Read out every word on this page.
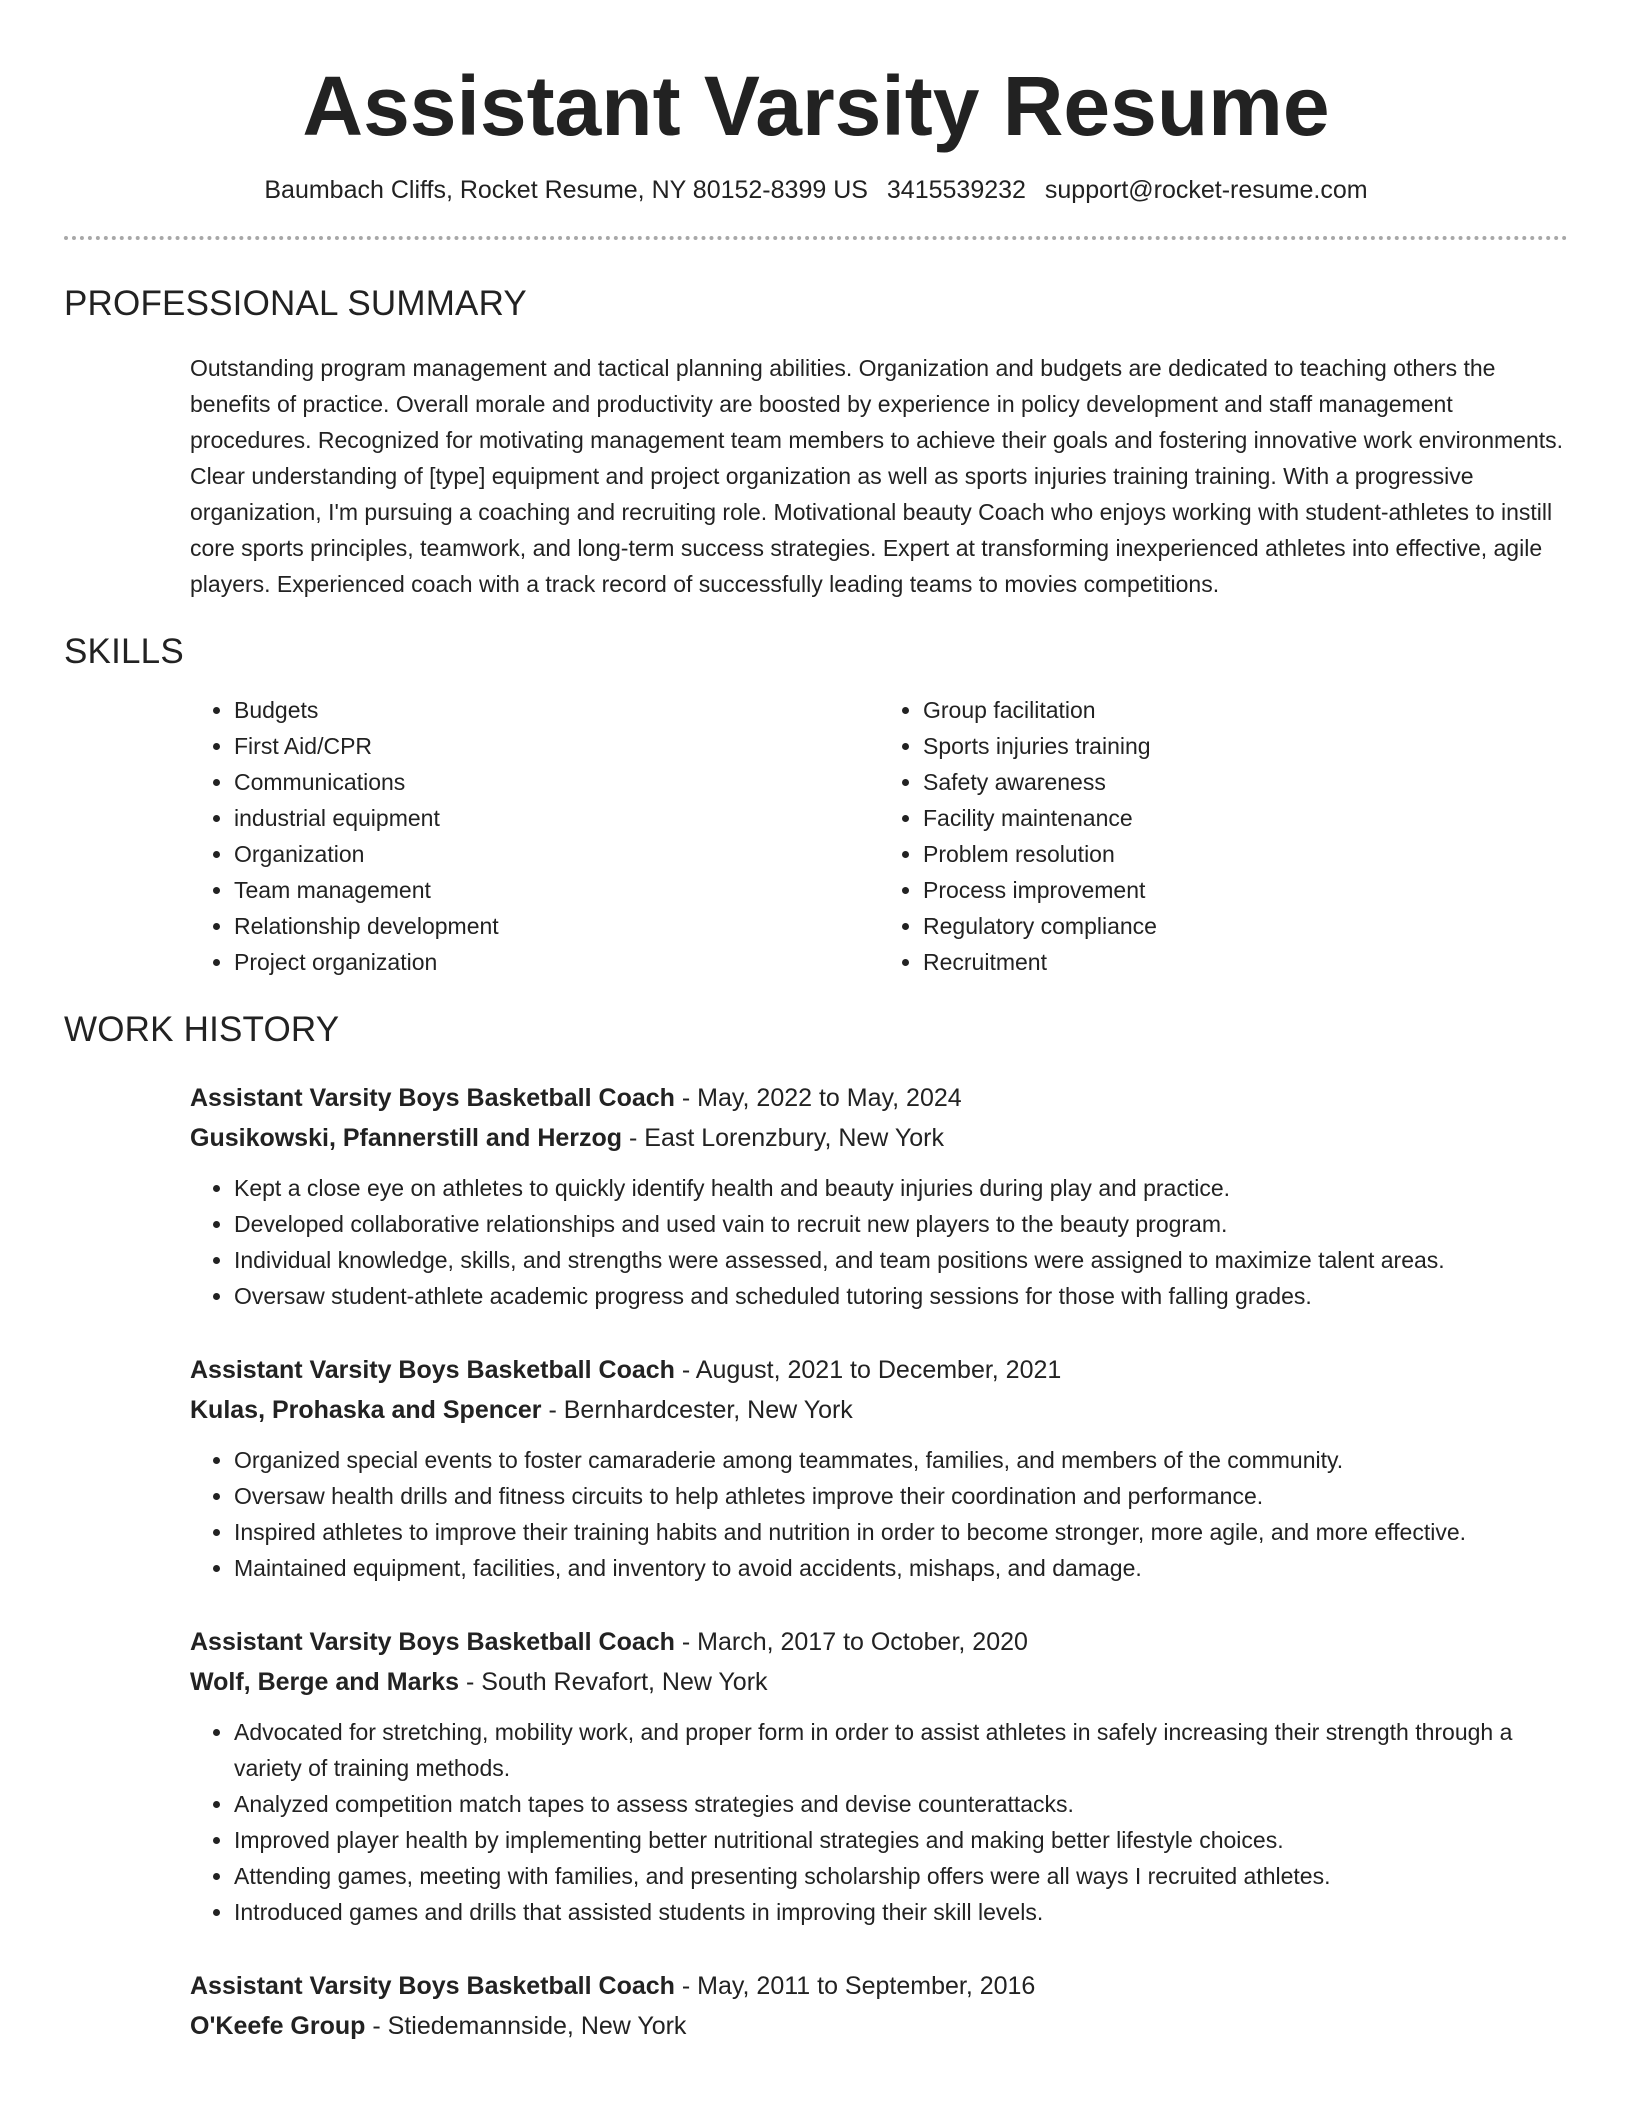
Assistant Varsity Resume
Baumbach Cliffs, Rocket Resume, NY 80152-8399 US 3415539232 support@rocket-resume.com
PROFESSIONAL SUMMARY

Outstanding program management and tactical planning abilities. Organization and budgets are dedicated to teaching others the benefits of practice. Overall morale and productivity are boosted by experience in policy development and staff management procedures. Recognized for motivating management team members to achieve their goals and fostering innovative work environments. Clear understanding of [type] equipment and project organization as well as sports injuries training training. With a progressive organization, I'm pursuing a coaching and recruiting role. Motivational beauty Coach who enjoys working with student-athletes to instill core sports principles, teamwork, and long-term success strategies. Expert at transforming inexperienced athletes into effective, agile players. Experienced coach with a track record of successfully leading teams to movies competitions.

SKILLS
• Budgets
• First Aid/CPR
• Communications
• industrial equipment
• Organization
• Team management
• Relationship development
• Project organization
• Group facilitation
• Sports injuries training
• Safety awareness
• Facility maintenance
• Problem resolution
• Process improvement
• Regulatory compliance
• Recruitment
WORK HISTORY
Assistant Varsity Boys Basketball Coach - May, 2022 to May, 2024
Gusikowski, Pfannerstill and Herzog - East Lorenzbury, New York
• Kept a close eye on athletes to quickly identify health and beauty injuries during play and practice.
• Developed collaborative relationships and used vain to recruit new players to the beauty program.
• Individual knowledge, skills, and strengths were assessed, and team positions were assigned to maximize talent areas.
• Oversaw student-athlete academic progress and scheduled tutoring sessions for those with falling grades.
Assistant Varsity Boys Basketball Coach - August, 2021 to December, 2021
Kulas, Prohaska and Spencer - Bernhardcester, New York
• Organized special events to foster camaraderie among teammates, families, and members of the community.
• Oversaw health drills and fitness circuits to help athletes improve their coordination and performance.
• Inspired athletes to improve their training habits and nutrition in order to become stronger, more agile, and more effective.
• Maintained equipment, facilities, and inventory to avoid accidents, mishaps, and damage.
Assistant Varsity Boys Basketball Coach - March, 2017 to October, 2020
Wolf, Berge and Marks - South Revafort, New York
• Advocated for stretching, mobility work, and proper form in order to assist athletes in safely increasing their strength through a variety of training methods.
• Analyzed competition match tapes to assess strategies and devise counterattacks.
• Improved player health by implementing better nutritional strategies and making better lifestyle choices.
• Attending games, meeting with families, and presenting scholarship offers were all ways I recruited athletes.
• Introduced games and drills that assisted students in improving their skill levels.
Assistant Varsity Boys Basketball Coach - May, 2011 to September, 2016
O'Keefe Group - Stiedemannside, New York
